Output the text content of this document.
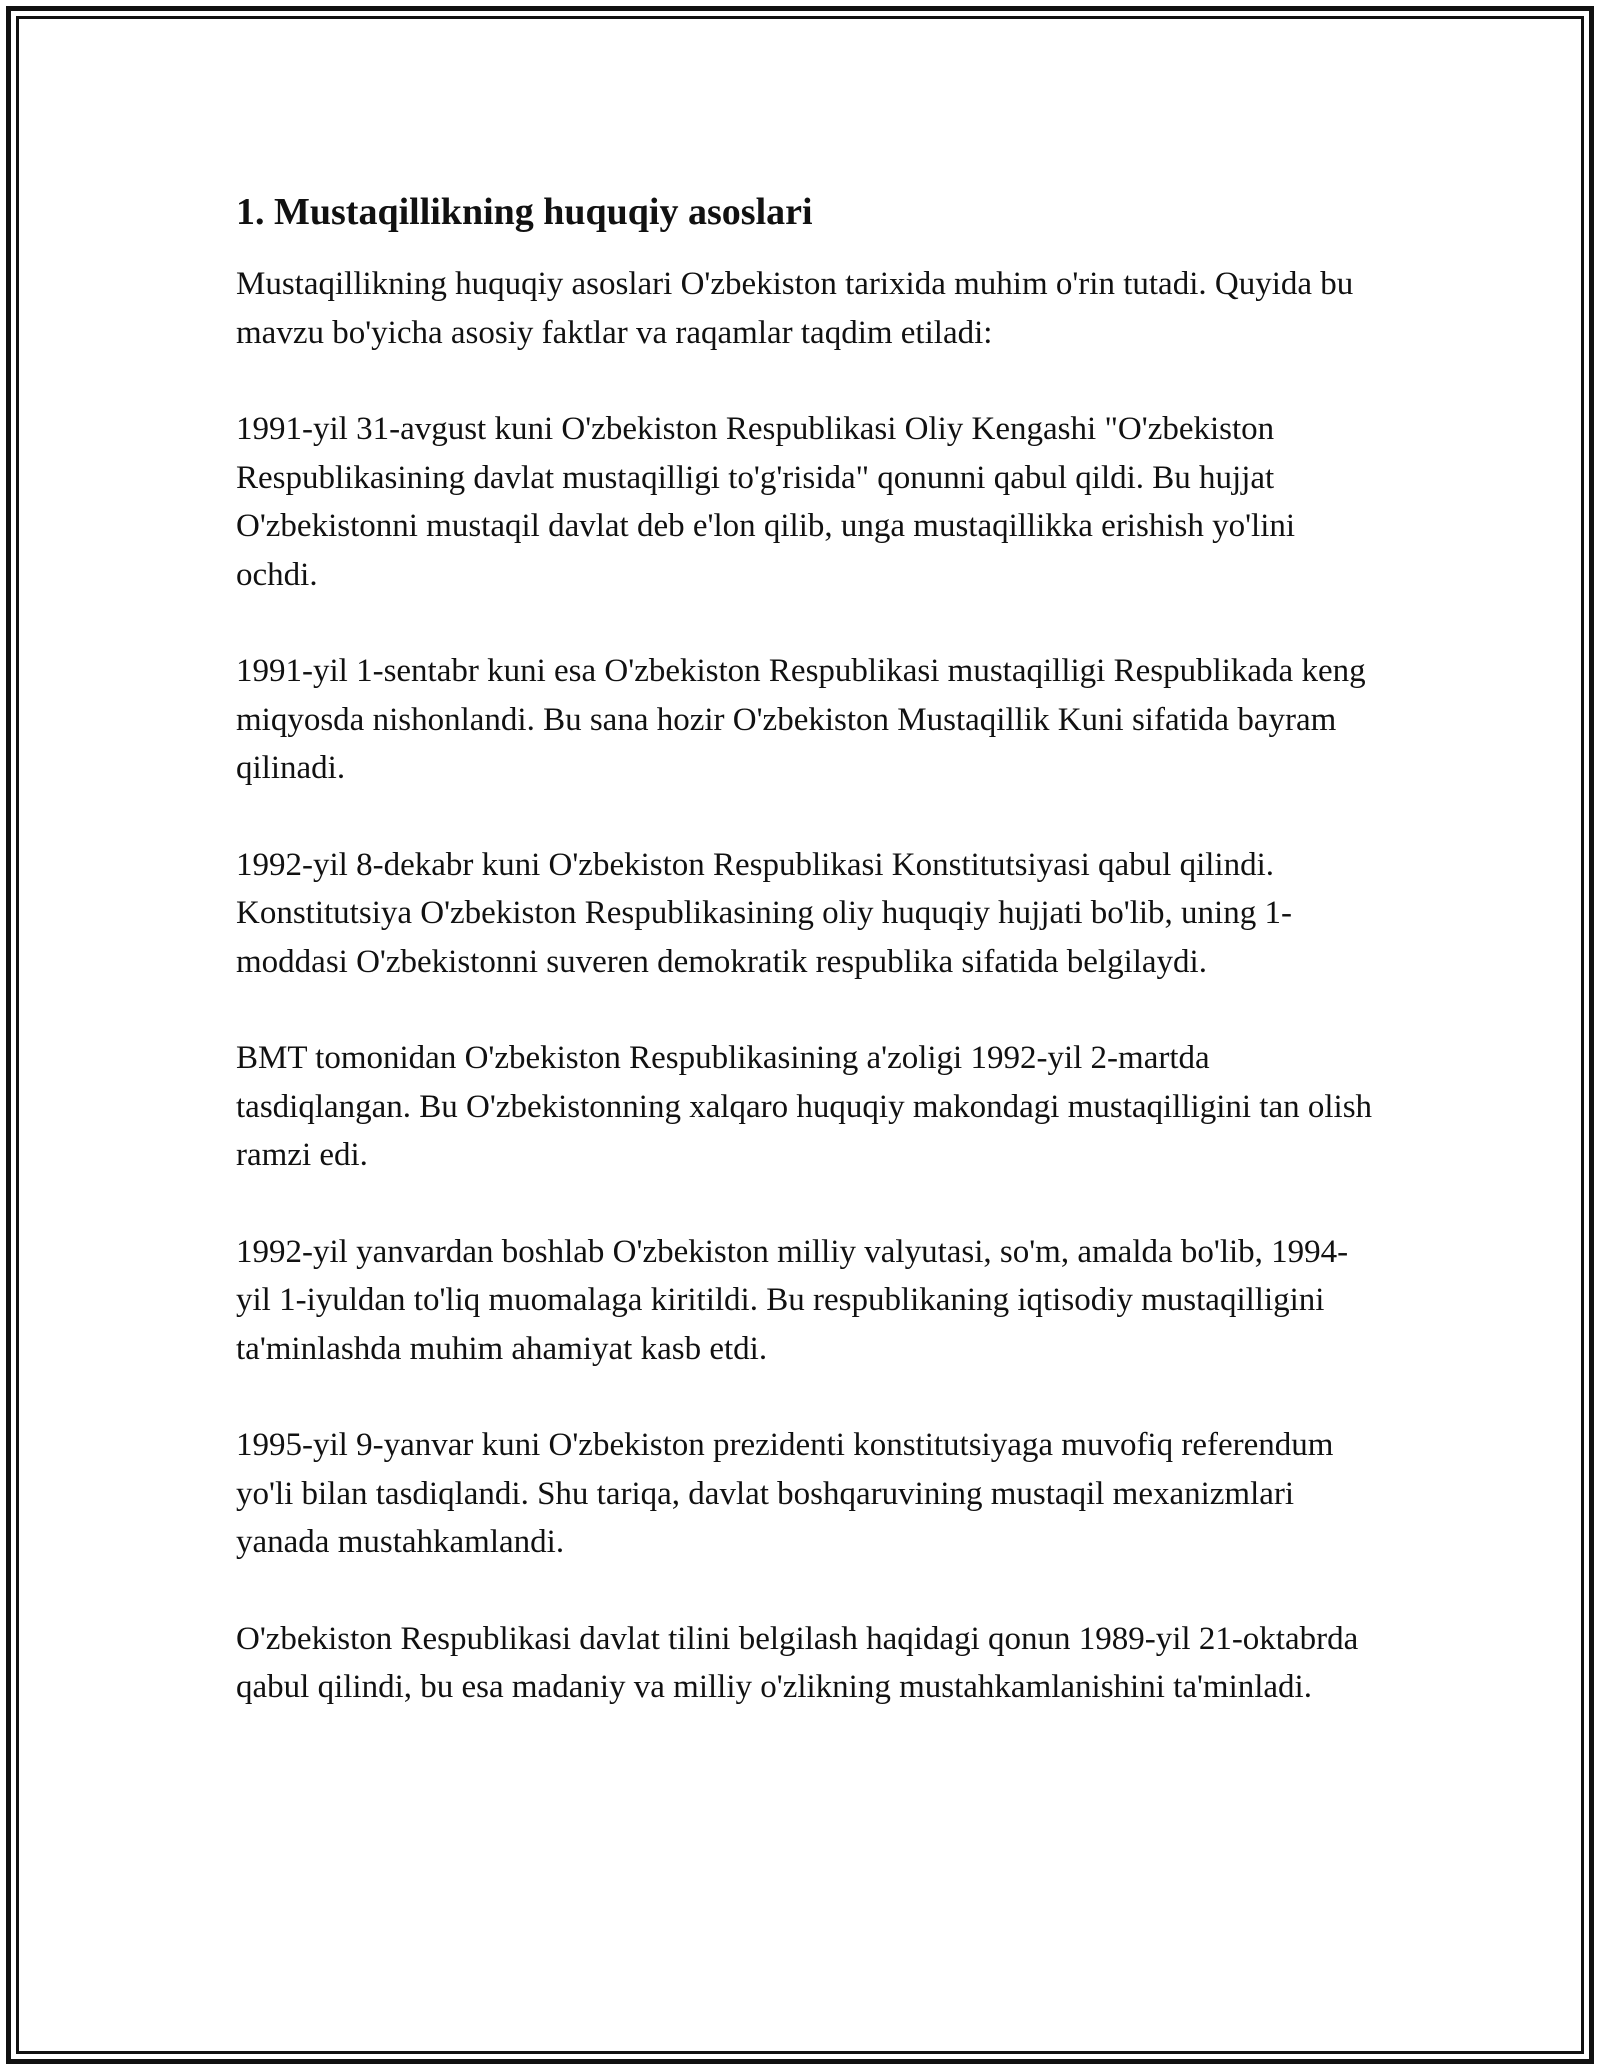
1. Mustaqillikning huquqiy asoslari

Mustaqillikning huquqiy asoslari O'zbekiston tarixida muhim o'rin tutadi. Quyida bu mavzu bo'yicha asosiy faktlar va raqamlar taqdim etiladi:

1991-yil 31-avgust kuni O'zbekiston Respublikasi Oliy Kengashi "O'zbekiston Respublikasining davlat mustaqilligi to'g'risida" qonunni qabul qildi. Bu hujjat O'zbekistonni mustaqil davlat deb e'lon qilib, unga mustaqillikka erishish yo'lini ochdi.

1991-yil 1-sentabr kuni esa O'zbekiston Respublikasi mustaqilligi Respublikada keng miqyosda nishonlandi. Bu sana hozir O'zbekiston Mustaqillik Kuni sifatida bayram qilinadi.

1992-yil 8-dekabr kuni O'zbekiston Respublikasi Konstitutsiyasi qabul qilindi. Konstitutsiya O'zbekiston Respublikasining oliy huquqiy hujjati bo'lib, uning 1-moddasi O'zbekistonni suveren demokratik respublika sifatida belgilaydi.

BMT tomonidan O'zbekiston Respublikasining a'zoligi 1992-yil 2-martda tasdiqlangan. Bu O'zbekistonning xalqaro huquqiy makondagi mustaqilligini tan olish ramzi edi.

1992-yil yanvardan boshlab O'zbekiston milliy valyutasi, so'm, amalda bo'lib, 1994-yil 1-iyuldan to'liq muomalaga kiritildi. Bu respublikaning iqtisodiy mustaqilligini ta'minlashda muhim ahamiyat kasb etdi.

1995-yil 9-yanvar kuni O'zbekiston prezidenti konstitutsiyaga muvofiq referendum yo'li bilan tasdiqlandi. Shu tariqa, davlat boshqaruvining mustaqil mexanizmlari yanada mustahkamlandi.

O'zbekiston Respublikasi davlat tilini belgilash haqidagi qonun 1989-yil 21-oktabrda qabul qilindi, bu esa madaniy va milliy o'zlikning mustahkamlanishini ta'minladi.
